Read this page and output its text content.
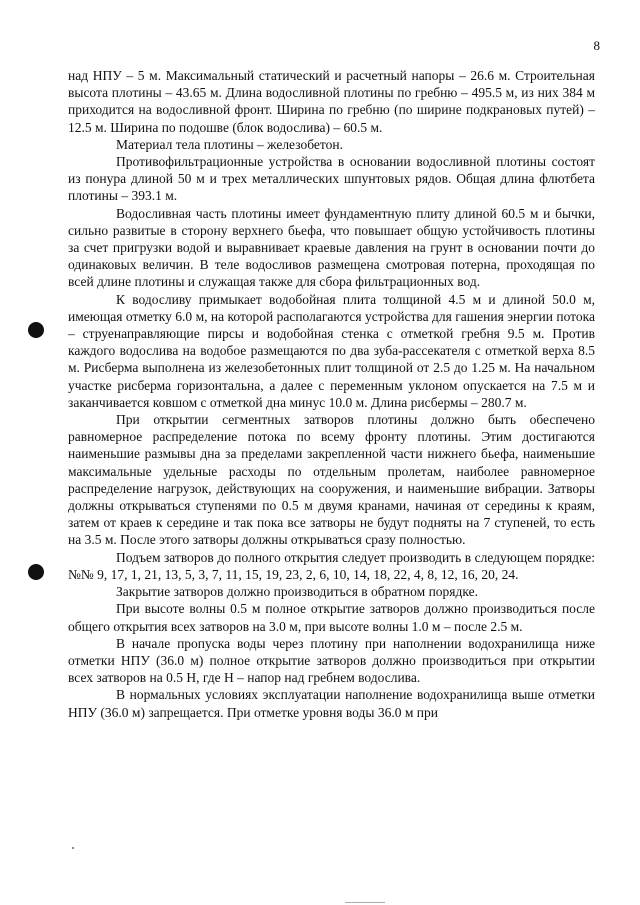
8

над НПУ – 5 м. Максимальный статический и расчетный напоры – 26.6 м. Строительная высота плотины – 43.65 м. Длина водосливной плотины по гребню – 495.5 м, из них 384 м приходится на водосливной фронт. Ширина по гребню (по ширине подкрановых путей) – 12.5 м. Ширина по подошве (блок водослива) – 60.5 м.

Материал тела плотины – железобетон.

Противофильтрационные устройства в основании водосливной плотины состоят из понура длиной 50 м и трех металлических шпунтовых рядов. Общая длина флютбета плотины – 393.1 м.

Водосливная часть плотины имеет фундаментную плиту длиной 60.5 м и бычки, сильно развитые в сторону верхнего бьефа, что повышает общую устойчивость плотины за счет пригрузки водой и выравнивает краевые давления на грунт в основании почти до одинаковых величин. В теле водосливов размещена смотровая потерна, проходящая по всей длине плотины и служащая также для сбора фильтрационных вод.

К водосливу примыкает водобойная плита толщиной 4.5 м и длиной 50.0 м, имеющая отметку 6.0 м, на которой располагаются устройства для гашения энергии потока – струенаправляющие пирсы и водобойная стенка с отметкой гребня 9.5 м. Против каждого водослива на водобое размещаются по два зуба-рассекателя с отметкой верха 8.5 м. Рисберма выполнена из железобетонных плит толщиной от 2.5 до 1.25 м. На начальном участке рисберма горизонтальна, а далее с переменным уклоном опускается на 7.5 м и заканчивается ковшом с отметкой дна минус 10.0 м. Длина рисбермы – 280.7 м.

При открытии сегментных затворов плотины должно быть обеспечено равномерное распределение потока по всему фронту плотины. Этим достигаются наименьшие размывы дна за пределами закрепленной части нижнего бьефа, наименьшие максимальные удельные расходы по отдельным пролетам, наиболее равномерное распределение нагрузок, действующих на сооружения, и наименьшие вибрации. Затворы должны открываться ступенями по 0.5 м двумя кранами, начиная от середины к краям, затем от краев к середине и так пока все затворы не будут подняты на 7 ступеней, то есть на 3.5 м. После этого затворы должны открываться сразу полностью.

Подъем затворов до полного открытия следует производить в следующем порядке: №№ 9, 17, 1, 21, 13, 5, 3, 7, 11, 15, 19, 23, 2, 6, 10, 14, 18, 22, 4, 8, 12, 16, 20, 24.

Закрытие затворов должно производиться в обратном порядке.

При высоте волны 0.5 м полное открытие затворов должно производиться после общего открытия всех затворов на 3.0 м, при высоте волны 1.0 м – после 2.5 м.

В начале пропуска воды через плотину при наполнении водохранилища ниже отметки НПУ (36.0 м) полное открытие затворов должно производиться при открытии всех затворов на 0.5 Н, где Н – напор над гребнем водослива.

В нормальных условиях эксплуатации наполнение водохранилища выше отметки НПУ (36.0 м) запрещается. При отметке уровня воды 36.0 м при
